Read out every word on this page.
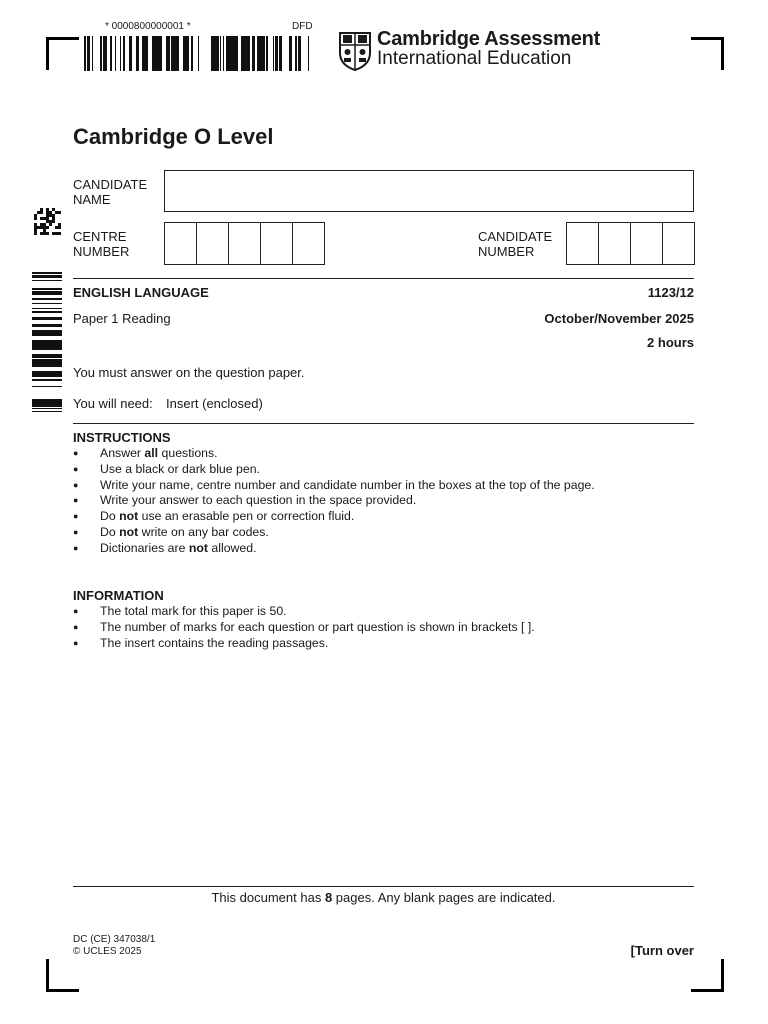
* 0000800000001 *	DFD
Cambridge Assessment
International Education
Cambridge O Level
CANDIDATE
NAME
CENTRE
NUMBER
CANDIDATE
NUMBER
ENGLISH LANGUAGE	1123/12
Paper 1 Reading	October/November 2025
2 hours
You must answer on the question paper.
You will need: Insert (enclosed)
INSTRUCTIONS
● Answer all questions.
● Use a black or dark blue pen.
● Write your name, centre number and candidate number in the boxes at the top of the page.
● Write your answer to each question in the space provided.
● Do not use an erasable pen or correction fluid.
● Do not write on any bar codes.
● Dictionaries are not allowed.
INFORMATION
● The total mark for this paper is 50.
● The number of marks for each question or part question is shown in brackets [ ].
● The insert contains the reading passages.
This document has 8 pages. Any blank pages are indicated.
DC (CE) 347038/1
© UCLES 2025	[Turn over
